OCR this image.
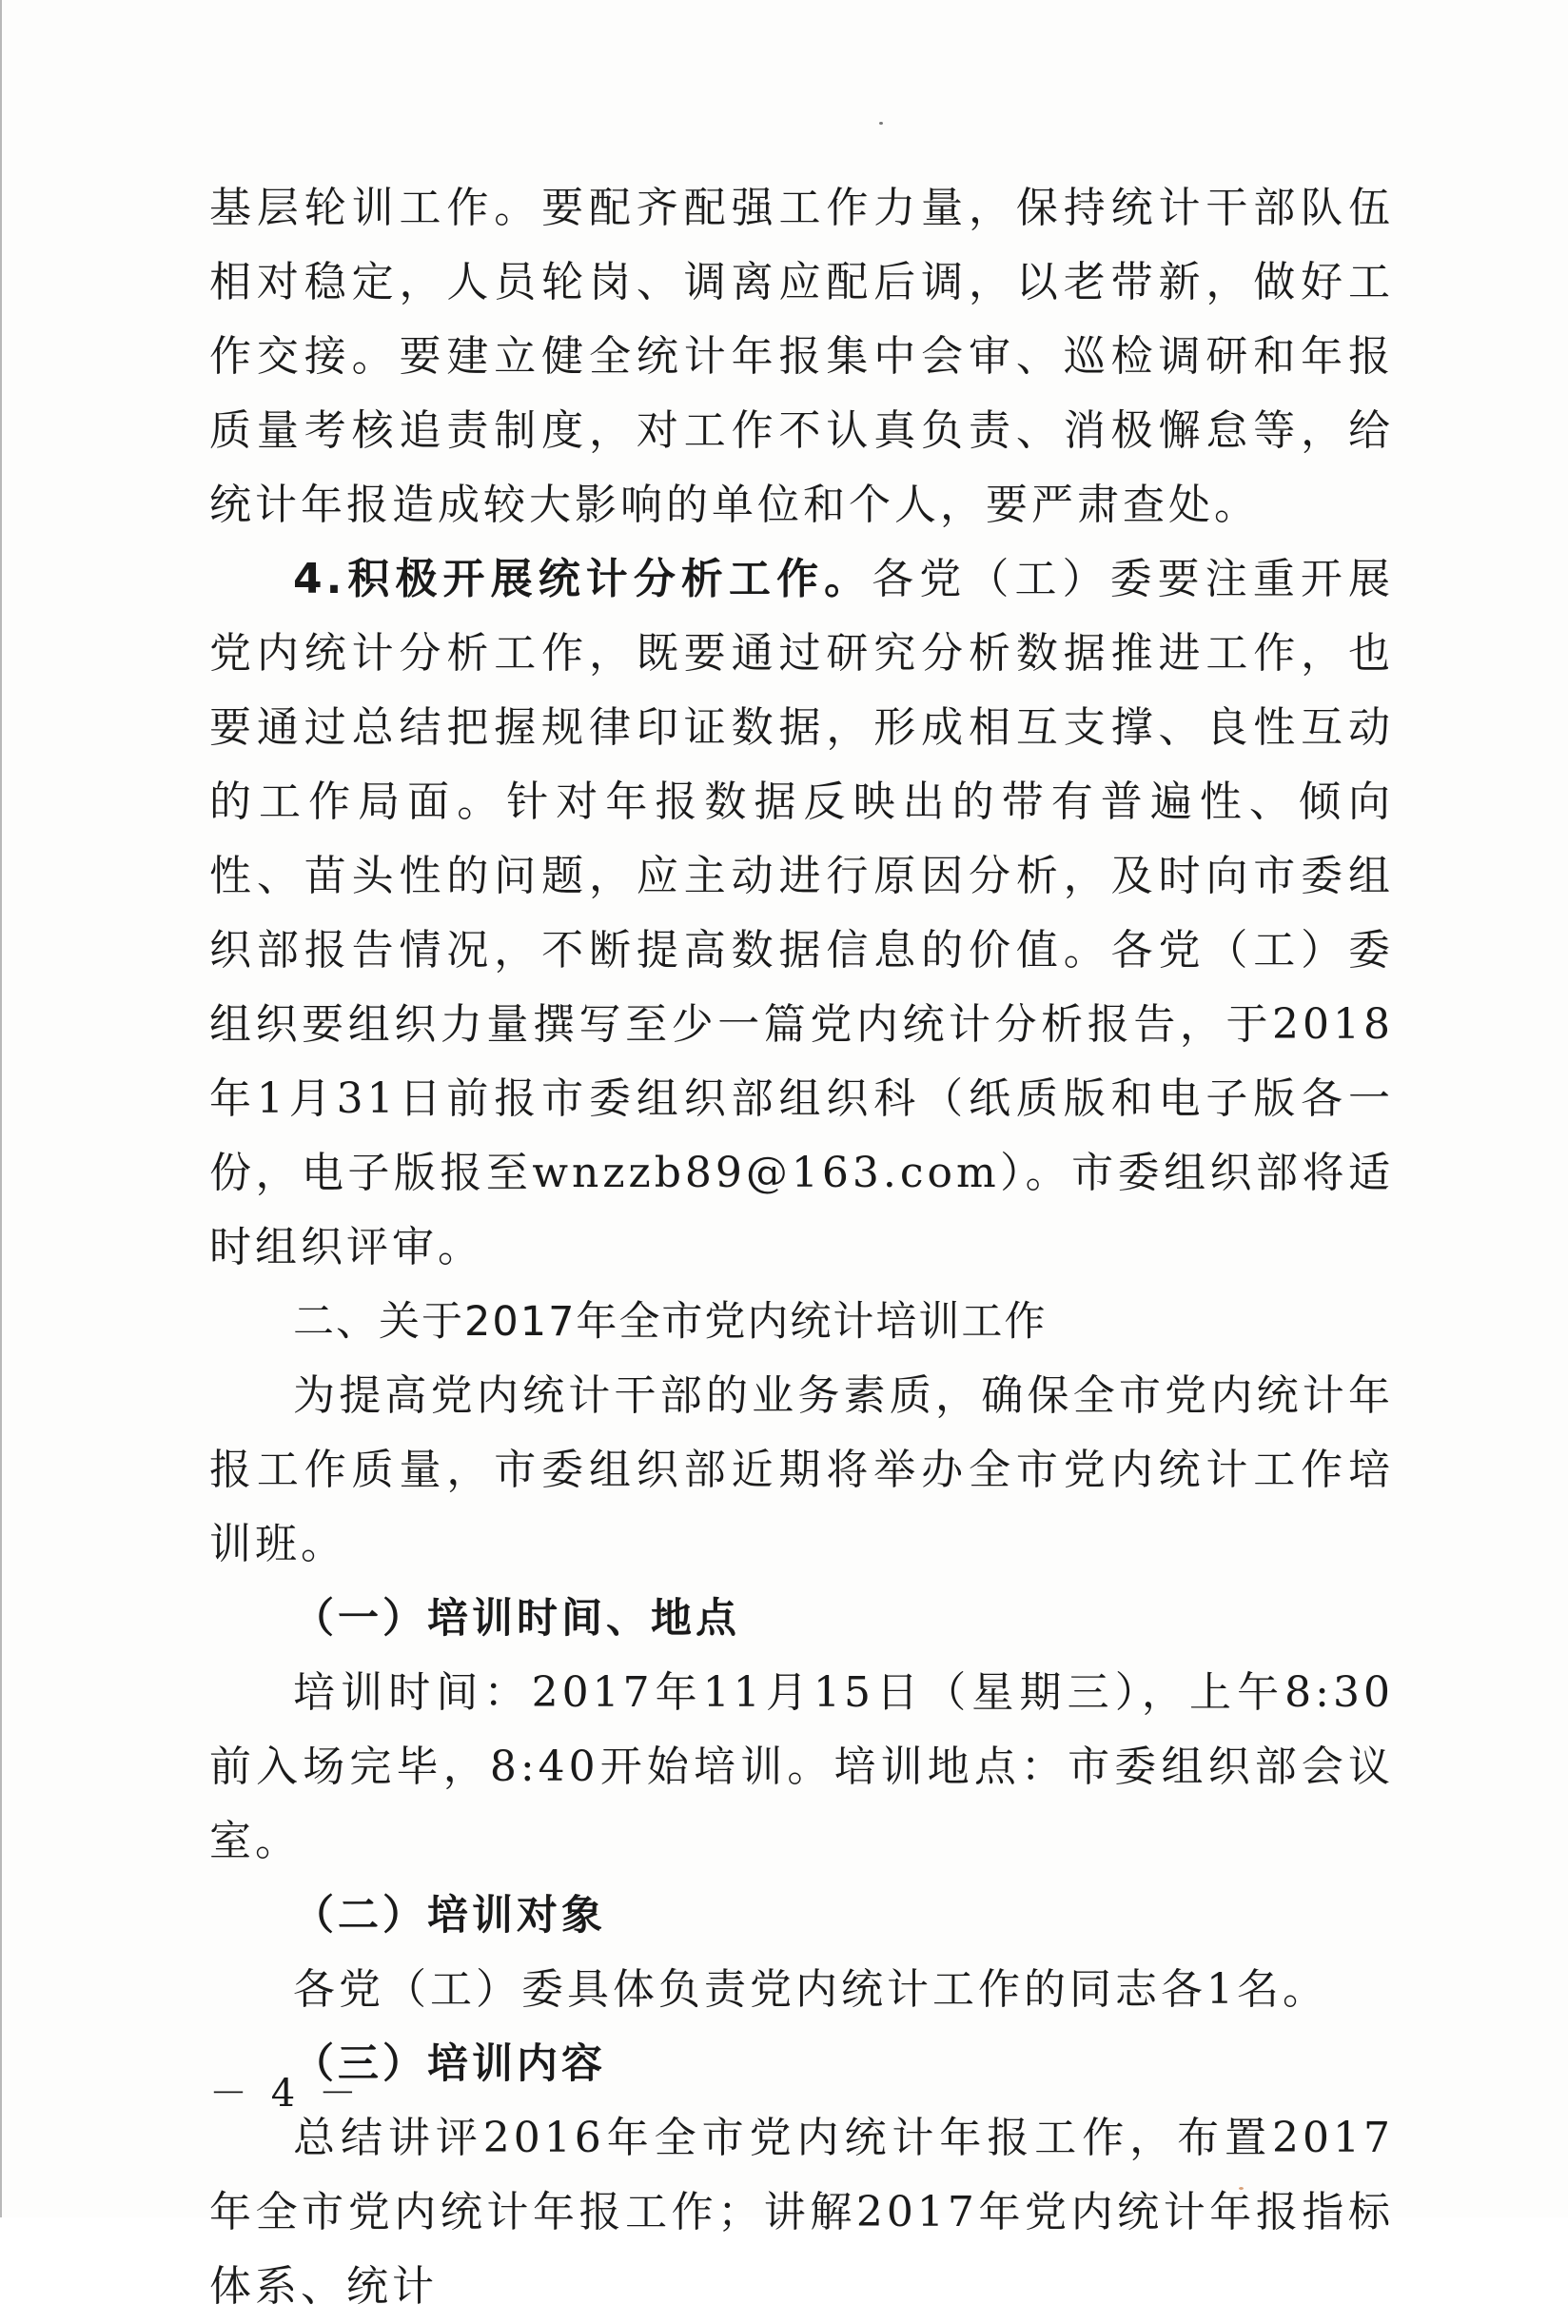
基层轮训工作。要配齐配强工作力量，保持统计干部队伍相对稳定，人员轮岗、调离应配后调，以老带新，做好工作交接。要建立健全统计年报集中会审、巡检调研和年报质量考核追责制度，对工作不认真负责、消极懈怠等，给统计年报造成较大影响的单位和个人，要严肃查处。

4.积极开展统计分析工作。各党（工）委要注重开展党内统计分析工作，既要通过研究分析数据推进工作，也要通过总结把握规律印证数据，形成相互支撑、良性互动的工作局面。针对年报数据反映出的带有普遍性、倾向性、苗头性的问题，应主动进行原因分析，及时向市委组织部报告情况，不断提高数据信息的价值。各党（工）委组织要组织力量撰写至少一篇党内统计分析报告，于2018年1月31日前报市委组织部组织科（纸质版和电子版各一份，电子版报至wnzzb89@163.com）。市委组织部将适时组织评审。

二、关于2017年全市党内统计培训工作

为提高党内统计干部的业务素质，确保全市党内统计年报工作质量，市委组织部近期将举办全市党内统计工作培训班。

（一）培训时间、地点

培训时间：2017年11月15日（星期三），上午8:30前入场完毕，8:40开始培训。培训地点：市委组织部会议室。

（二）培训对象

各党（工）委具体负责党内统计工作的同志各1名。

（三）培训内容

总结讲评2016年全市党内统计年报工作，布置2017年全市党内统计年报工作；讲解2017年党内统计年报指标体系、统计

－ 4 －
